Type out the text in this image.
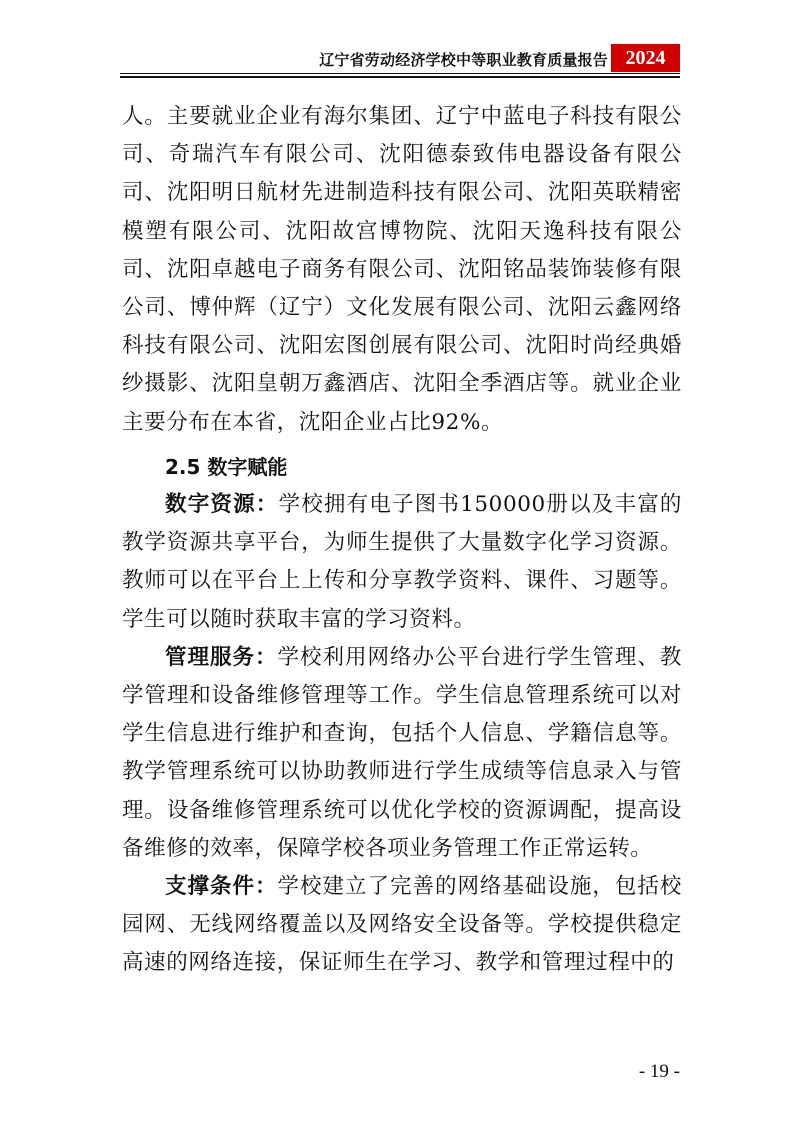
辽宁省劳动经济学校中等职业教育质量报告 2024

人。主要就业企业有海尔集团、辽宁中蓝电子科技有限公司、奇瑞汽车有限公司、沈阳德泰致伟电器设备有限公司、沈阳明日航材先进制造科技有限公司、沈阳英联精密模塑有限公司、沈阳故宫博物院、沈阳天逸科技有限公司、沈阳卓越电子商务有限公司、沈阳铭品装饰装修有限公司、博仲辉（辽宁）文化发展有限公司、沈阳云鑫网络科技有限公司、沈阳宏图创展有限公司、沈阳时尚经典婚纱摄影、沈阳皇朝万鑫酒店、沈阳全季酒店等。就业企业主要分布在本省，沈阳企业占比92%。

2.5 数字赋能

数字资源：学校拥有电子图书150000册以及丰富的教学资源共享平台，为师生提供了大量数字化学习资源。教师可以在平台上上传和分享教学资料、课件、习题等。学生可以随时获取丰富的学习资料。

管理服务：学校利用网络办公平台进行学生管理、教学管理和设备维修管理等工作。学生信息管理系统可以对学生信息进行维护和查询，包括个人信息、学籍信息等。教学管理系统可以协助教师进行学生成绩等信息录入与管理。设备维修管理系统可以优化学校的资源调配，提高设备维修的效率，保障学校各项业务管理工作正常运转。

支撑条件：学校建立了完善的网络基础设施，包括校园网、无线网络覆盖以及网络安全设备等。学校提供稳定高速的网络连接，保证师生在学习、教学和管理过程中的

- 19 -
